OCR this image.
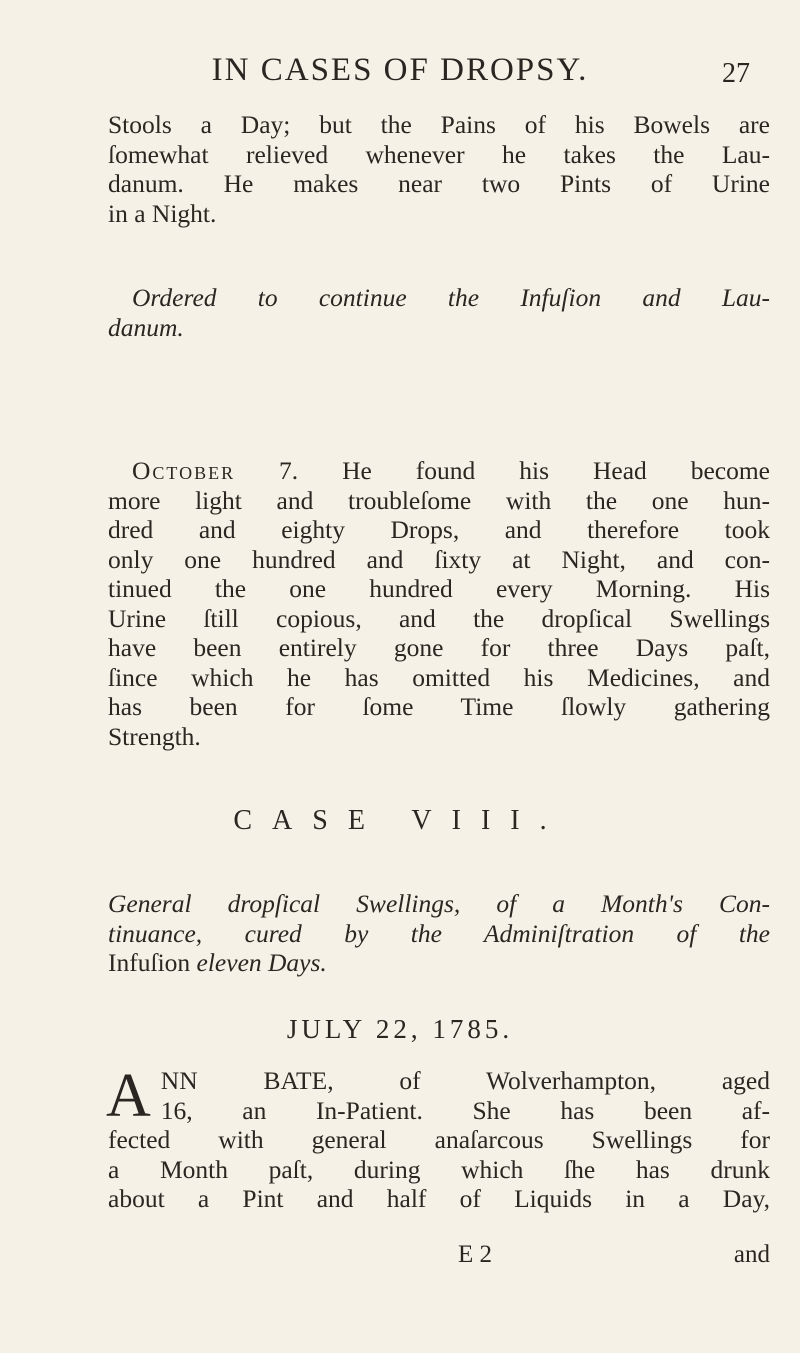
IN CASES OF DROPSY.	27
Stools a Day; but the Pains of his Bowels are
ſomewhat relieved whenever he takes the Lau-
danum. He makes near two Pints of Urine
in a Night.
Ordered to continue the Infuſion and Lau-
danum.
October 7. He found his Head become
more light and troubleſome with the one hun-
dred and eighty Drops, and therefore took
only one hundred and ſixty at Night, and con-
tinued the one hundred every Morning. His
Urine ſtill copious, and the dropſical Swellings
have been entirely gone for three Days paſt,
ſince which he has omitted his Medicines, and
has been for ſome Time ſlowly gathering
Strength.
CASE VIII.
General dropſical Swellings, of a Month's Con-
tinuance, cured by the Adminiſtration of the
Infuſion eleven Days.
JULY 22, 1785.
A NN BATE, of Wolverhampton, aged
16, an In-Patient. She has been af-
fected with general anaſarcous Swellings for
a Month paſt, during which ſhe has drunk
about a Pint and half of Liquids in a Day,
E 2	and
